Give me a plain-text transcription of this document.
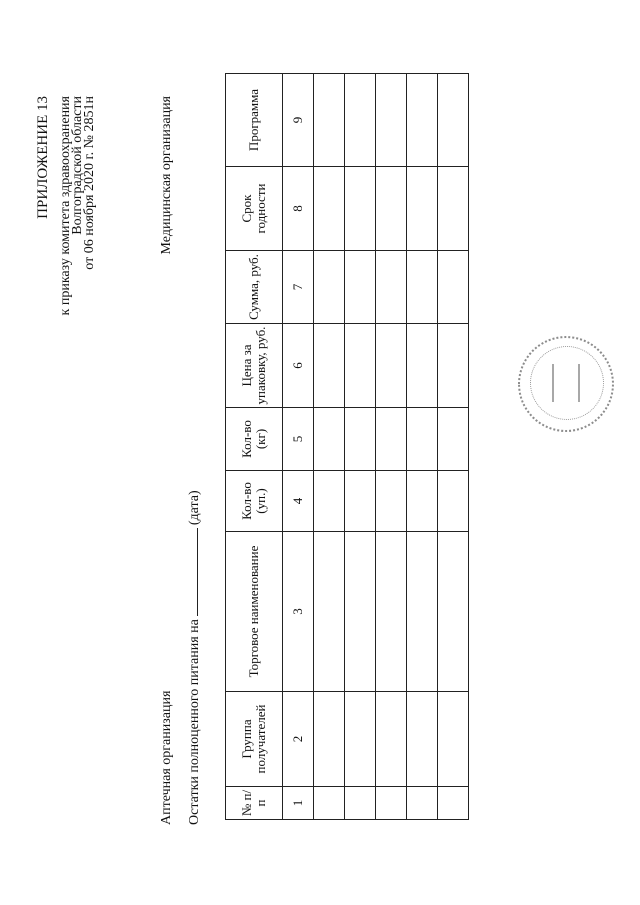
ПРИЛОЖЕНИЕ 13 к приказу комитета здравоохранения
Волгоградской области
от 06 ноября 2020 г. № 2851н	Медицинская организация
Аптечная организация Остатки полноценного питания на(дата)
№ п/п	Группа получателей	Торговое наименование	Кол-во (уп.)	Кол-во (кг)	Цена за упаковку, руб.	Сумма, руб.	Срок годности	Программа
1	2	3	4	5	6	7	8	9
